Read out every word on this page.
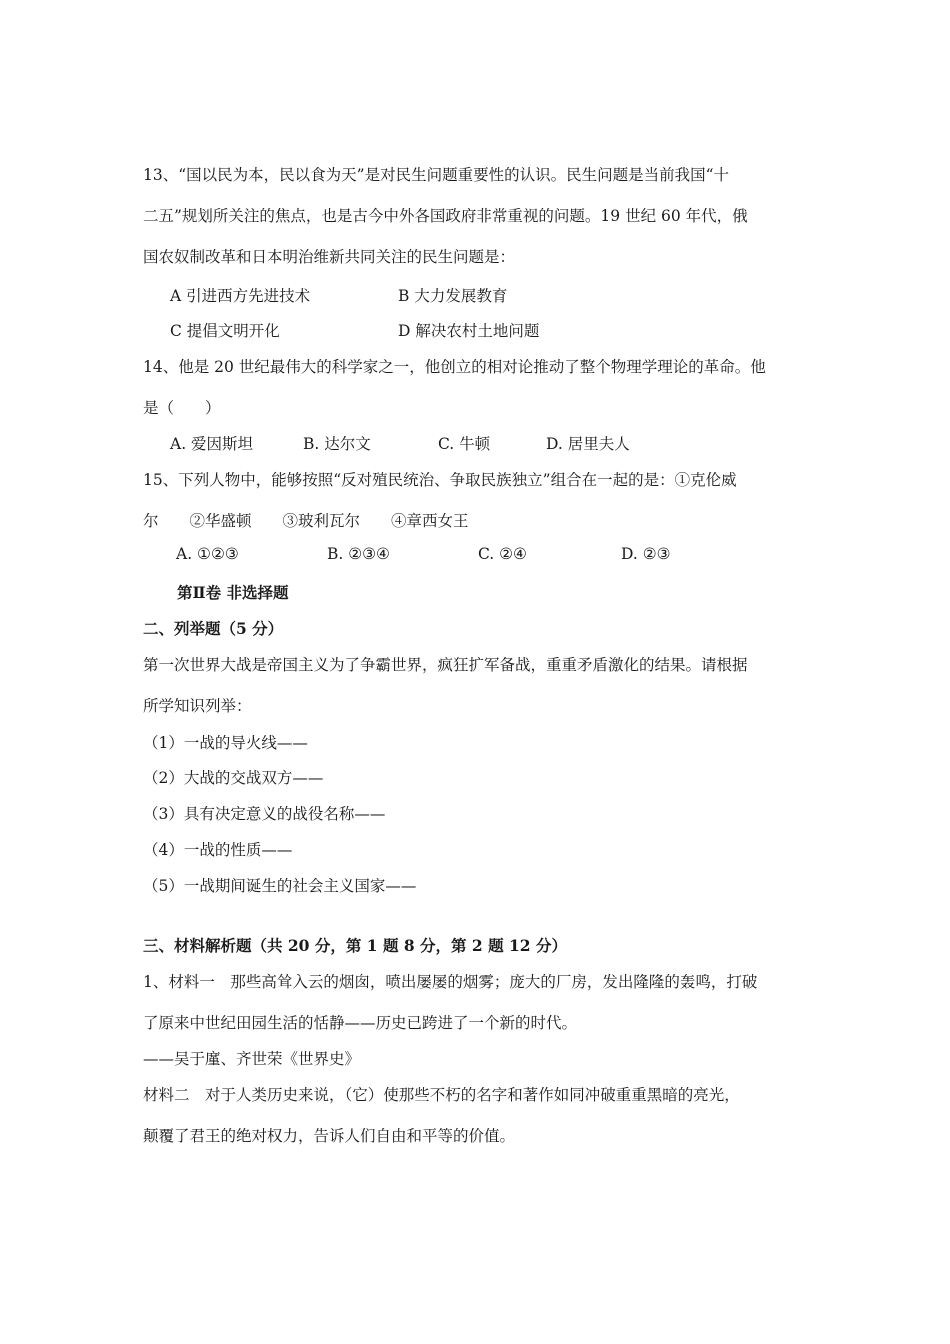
13、“国以民为本，民以食为天”是对民生问题重要性的认识。民生问题是当前我国“十
二五”规划所关注的焦点，也是古今中外各国政府非常重视的问题。19 世纪 60 年代，俄
国农奴制改革和日本明治维新共同关注的民生问题是：
A 引进西方先进技术	B 大力发展教育
C 提倡文明开化	D 解决农村土地问题
14、他是 20 世纪最伟大的科学家之一，他创立的相对论推动了整个物理学理论的革命。他
是（　　）
A. 爱因斯坦	B. 达尔文	C. 牛顿	D. 居里夫人
15、下列人物中，能够按照“反对殖民统治、争取民族独立”组合在一起的是：①克伦威
尔　　②华盛顿　　③玻利瓦尔　　④章西女王
A. ①②③	B. ②③④	C. ②④	D. ②③
第Ⅱ卷 非选择题
二、列举题（5 分）
第一次世界大战是帝国主义为了争霸世界，疯狂扩军备战，重重矛盾激化的结果。请根据
所学知识列举：
（1）一战的导火线——
（2）大战的交战双方——
（3）具有决定意义的战役名称——
（4）一战的性质——
（5）一战期间诞生的社会主义国家——
三、材料解析题（共 20 分，第 1 题 8 分，第 2 题 12 分）
1、材料一　那些高耸入云的烟囱，喷出屡屡的烟雾；庞大的厂房，发出隆隆的轰鸣，打破
了原来中世纪田园生活的恬静——历史已跨进了一个新的时代。
——吴于廑、齐世荣《世界史》
材料二　对于人类历史来说，（它）使那些不朽的名字和著作如同冲破重重黑暗的亮光，
颠覆了君王的绝对权力，告诉人们自由和平等的价值。
